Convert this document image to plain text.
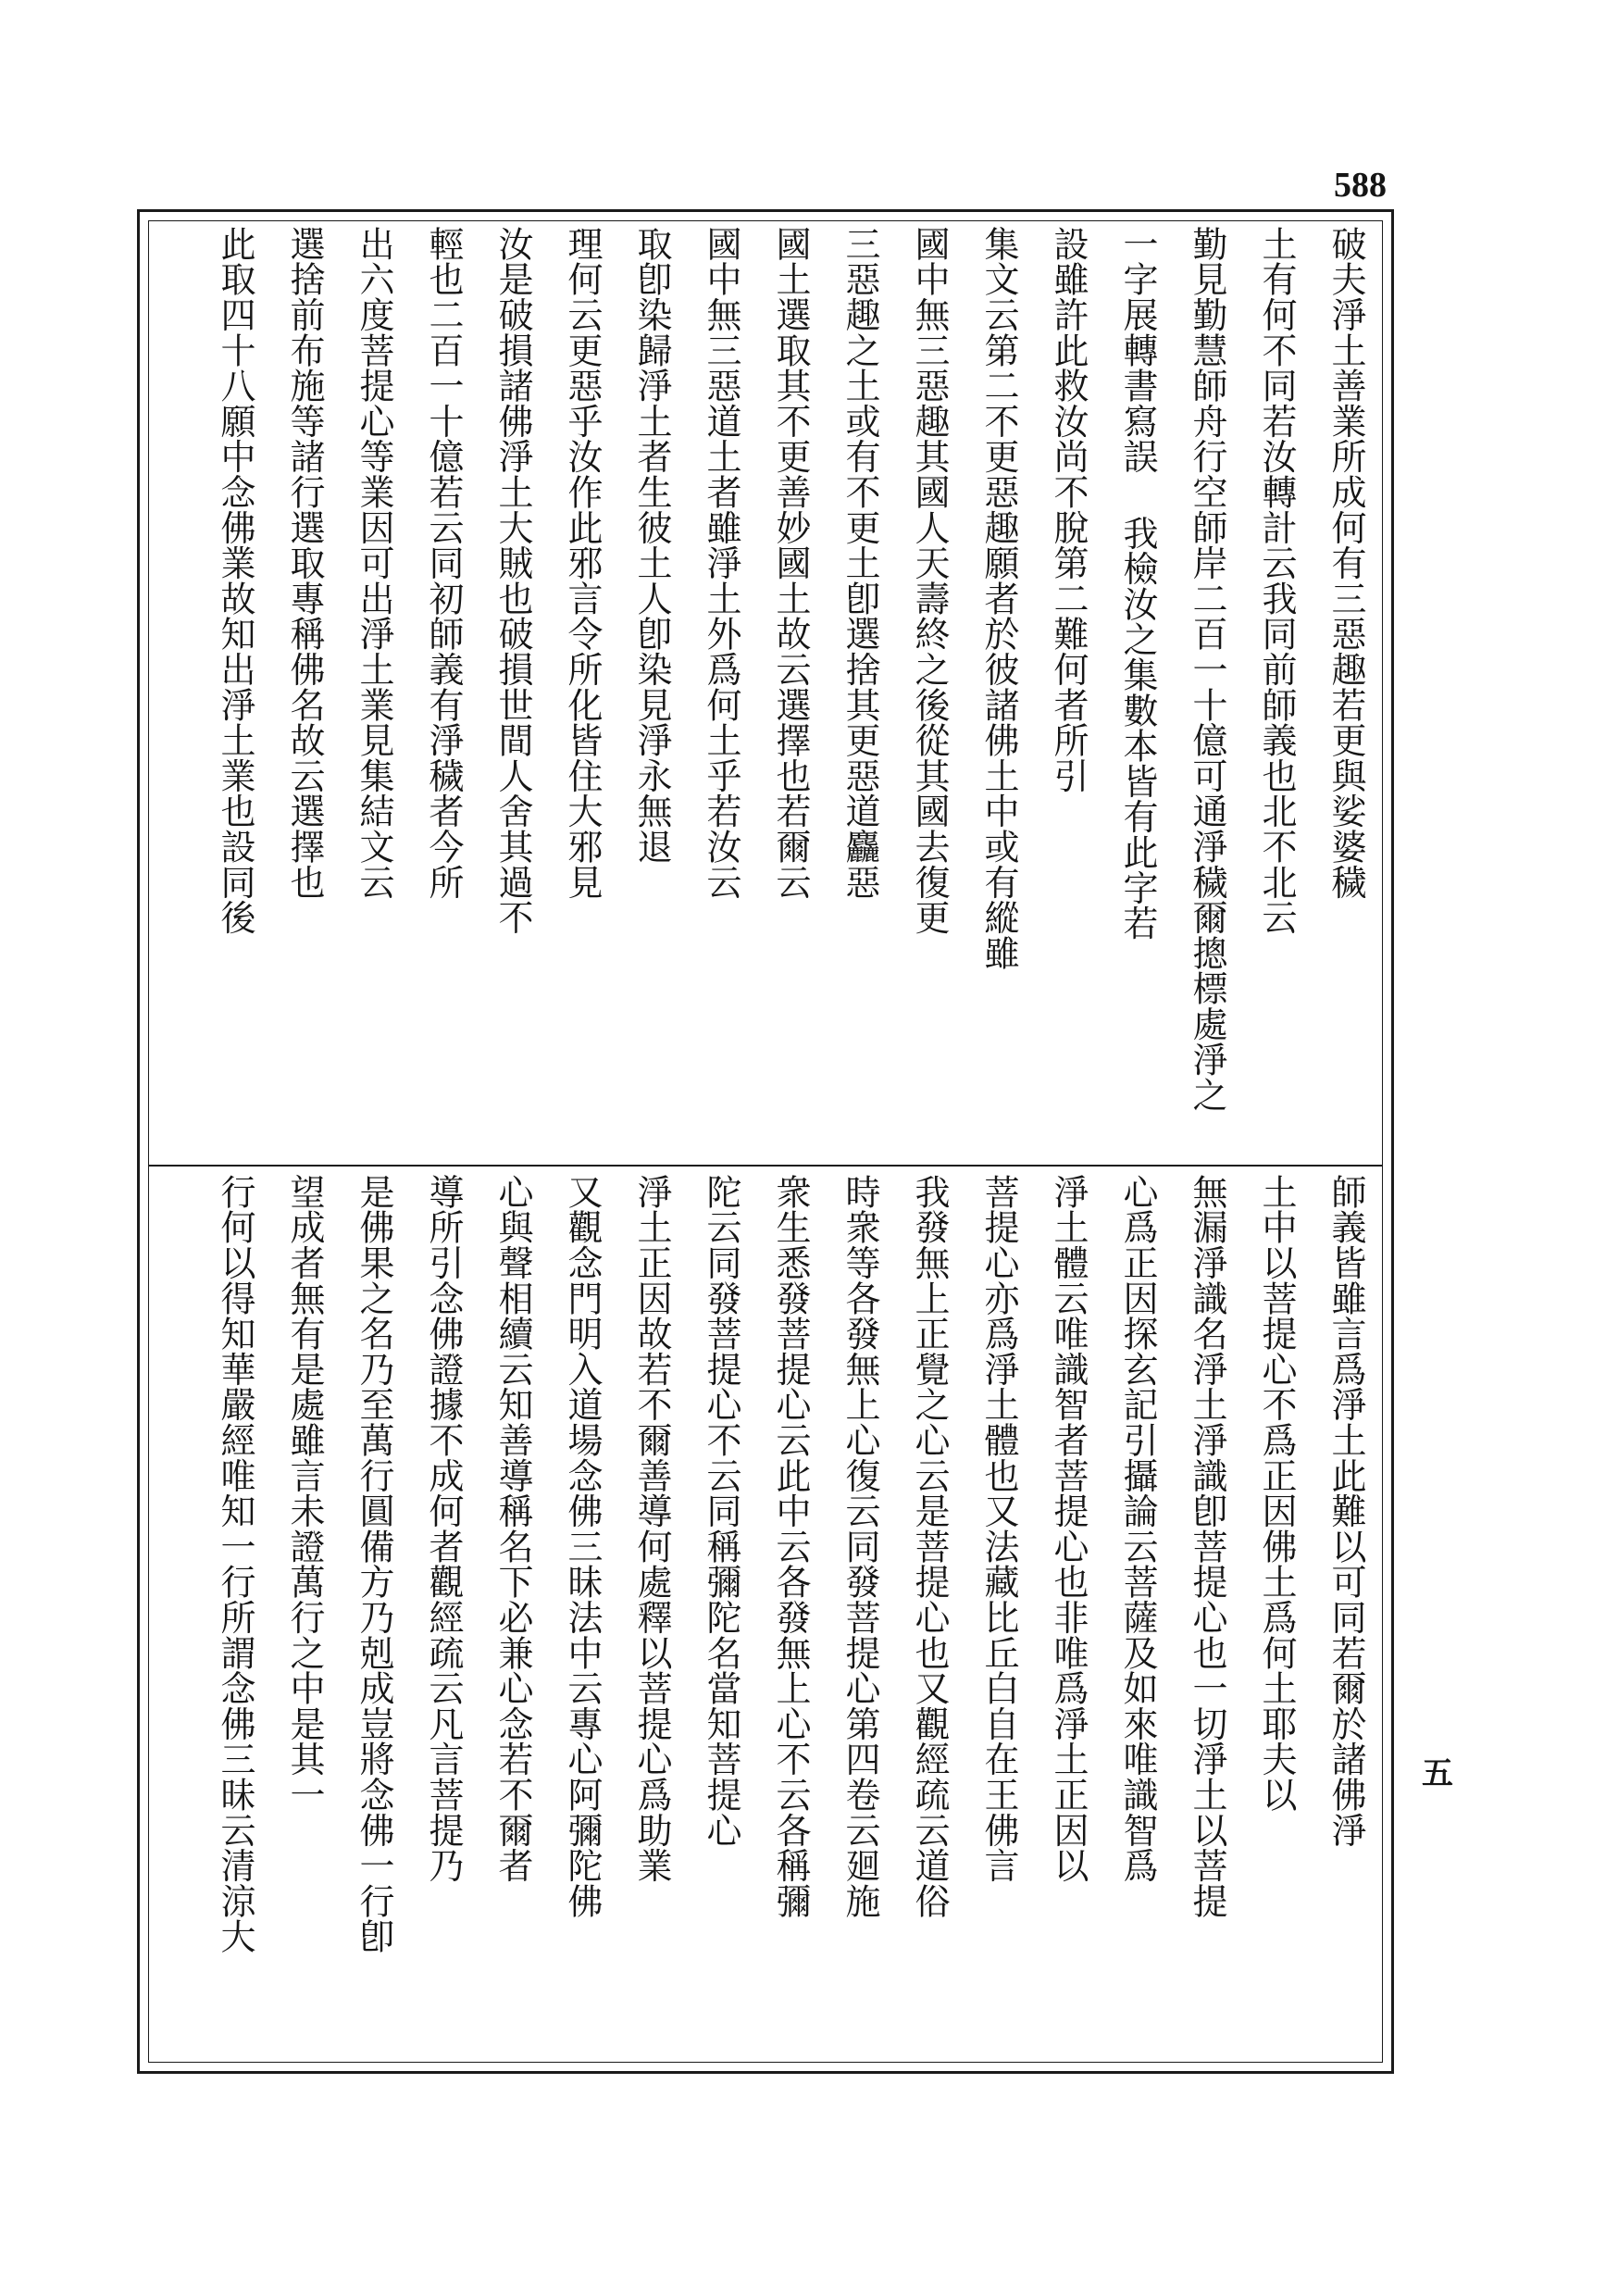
588
破夫淨土善業所成何有三惡趣若更與娑婆穢
土有何不同若汝轉計云我同前師義也北不北云
勤見勤慧師舟行空師岸二百一十億可通淨穢爾摠標處淨之
一字展轉書寫誤 我檢汝之集數本皆有此字若
設雖許此救汝尚不脫第二難何者所引
集文云第二不更惡趣願者於彼諸佛土中或有縱雖
國中無三惡趣其國人天壽終之後從其國去復更
三惡趣之土或有不更土卽選捨其更惡道麤惡
國土選取其不更善妙國土故云選擇也若爾云
國中無三惡道土者雖淨土外爲何土乎若汝云
取卽染歸淨土者生彼土人卽染見淨永無退
理何云更惡乎汝作此邪言令所化皆住大邪見
汝是破損諸佛淨土大賊也破損世間人舍其過不
輕也二百一十億若云同初師義有淨穢者今所
出六度菩提心等業因可出淨土業見集結文云
選捨前布施等諸行選取專稱佛名故云選擇也
此取四十八願中念佛業故知出淨土業也設同後
師義皆雖言爲淨土此難以可同若爾於諸佛淨
土中以菩提心不爲正因佛土爲何土耶夫以
無漏淨識名淨土淨識卽菩提心也一切淨土以菩提
心爲正因探玄記引攝論云菩薩及如來唯識智爲
淨土體云唯識智者菩提心也非唯爲淨土正因以
菩提心亦爲淨土體也又法藏比丘白自在王佛言
我發無上正覺之心云是菩提心也又觀經疏云道俗
時衆等各發無上心復云同發菩提心第四卷云廻施
衆生悉發菩提心云此中云各發無上心不云各稱彌
陀云同發菩提心不云同稱彌陀名當知菩提心
淨土正因故若不爾善導何處釋以菩提心爲助業
又觀念門明入道場念佛三昧法中云專心阿彌陀佛
心與聲相續云知善導稱名下必兼心念若不爾者
導所引念佛證據不成何者觀經疏云凡言菩提乃
是佛果之名乃至萬行圓備方乃剋成豈將念佛一行卽
望成者無有是處雖言未證萬行之中是其一
行何以得知華嚴經唯知一行所謂念佛三昧云清涼大	五
